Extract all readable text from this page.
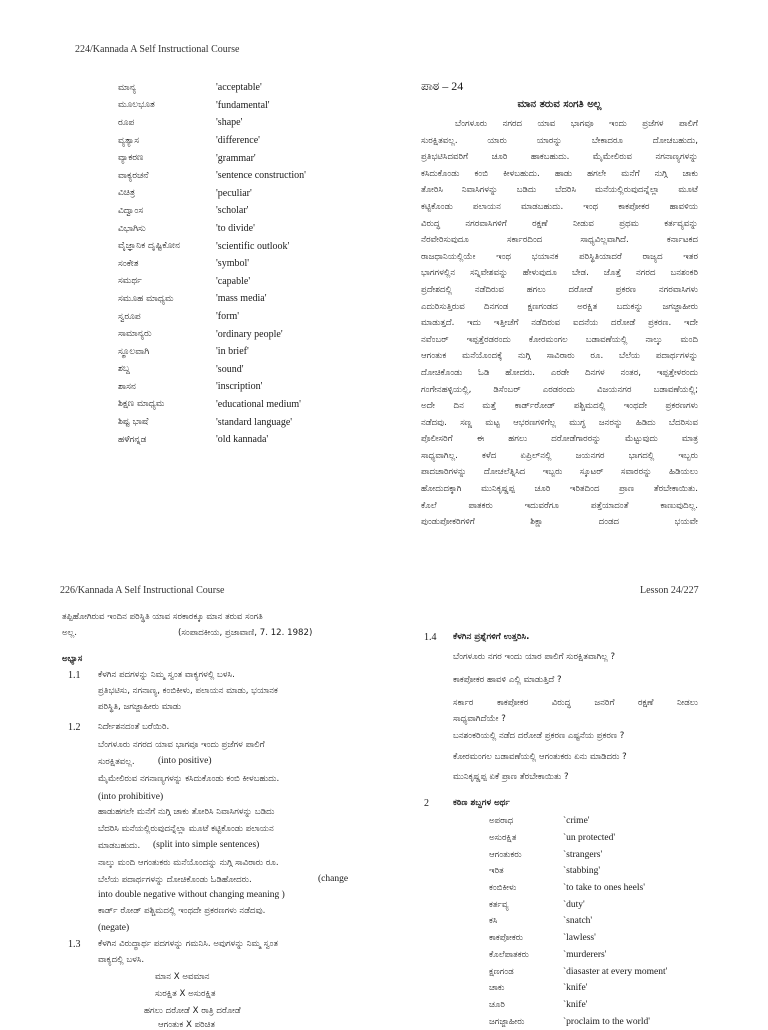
224/Kannada A Self Instructional Course
ಮಾನ್ಯ	'acceptable'
ಮೂಲಭೂತ	'fundamental'
ರೂಪ	'shape'
ವ್ಯತ್ಯಾಸ	'difference'
ವ್ಯಾಕರಣ	'grammar'
ವಾಕ್ಯರಚನೆ	'sentence construction'
ವಿಚಿತ್ರ	'peculiar'
ವಿದ್ವಾಂಸ	'scholar'
ವಿಭಾಗಿಸು	'to divide'
ವೈಜ್ಞಾನಿಕ ದೃಷ್ಟಿಕೋನ	'scientific outlook'
ಸಂಕೇತ	'symbol'
ಸಮರ್ಥ	'capable'
ಸಮೂಹ ಮಾಧ್ಯಮ	'mass media'
ಸ್ವರೂಪ	'form'
ಸಾಮಾನ್ಯರು	'ordinary people'
ಸ್ಥೂಲವಾಗಿ	'in brief'
ಶಬ್ದ	'sound'
ಶಾಸನ	'inscription'
ಶಿಕ್ಷಣ ಮಾಧ್ಯಮ	'educational medium'
ಶಿಷ್ಟ ಭಾಷೆ	'standard language'
ಹಳೆಗನ್ನಡ	'old kannada'
ಪಾಠ – 24
ಮಾನ ತರುವ ಸಂಗತಿ ಅಲ್ಲ
ಬೆಂಗಳೂರು ನಗರದ ಯಾವ ಭಾಗವೂ ಇಂದು ಪ್ರಜೆಗಳ ಪಾಲಿಗೆ
ಸುರಕ್ಷಿತವಲ್ಲ. ಯಾರು ಯಾರನ್ನು ಬೇಕಾದರೂ ದೋಚಬಹುದು,
ಪ್ರತಿಭಟಿಸಿದವರಿಗೆ ಚೂರಿ ಹಾಕಬಹುದು. ಮೈಮೇಲಿರುವ ನಗನಾಣ್ಯಗಳನ್ನು
ಕಸಿದುಕೊಂಡು ಕಂಬಿ ಕೀಳಬಹುದು. ಹಾಡು ಹಗಲೇ ಮನೆಗೆ ನುಗ್ಗಿ ಚಾಕು
ತೋರಿಸಿ ನಿವಾಸಿಗಳನ್ನು ಬಡಿದು ಬೆದರಿಸಿ ಮನೆಯಲ್ಲಿರುವುದನ್ನೆಲ್ಲಾ ಮೂಟೆ
ಕಟ್ಟಿಕೊಂಡು ಪಲಾಯನ ಮಾಡಬಹುದು. ಇಂಥ ಕಾಕಪೋಕರ ಹಾವಳಿಯ
ವಿರುದ್ಧ ನಗರವಾಸಿಗಳಿಗೆ ರಕ್ಷಣೆ ನೀಡುವ ಪ್ರಥಮ ಕರ್ತವ್ಯವನ್ನು
ನೆರವೇರಿಸುವುದೂ ಸರ್ಕಾರದಿಂದ ಸಾಧ್ಯವಿಲ್ಲವಾಗಿದೆ. ಕರ್ನಾಟಕದ
ರಾಜಧಾನಿಯಲ್ಲಿಯೇ ಇಂಥ ಭಯಾನಕ ಪರಿಸ್ಥಿತಿಯಾದರೆ ರಾಜ್ಯದ ಇತರ
ಭಾಗಗಳಲ್ಲಿನ ಸನ್ನಿವೇಶವನ್ನು ಹೇಳುವುದೂ ಬೇಡ. ಜೊತ್ತೆ ನಗರದ ಬನಶಂಕರಿ
ಪ್ರದೇಶದಲ್ಲಿ ನಡೆದಿರುವ ಹಗಲು ದರೋಡೆ ಪ್ರಕರಣ ನಗರವಾಸಿಗಳು
ಎದುರಿಸುತ್ತಿರುವ ದಿನಗಂಡ ಕ್ಷಣಗಂಡದ ಅರಕ್ಷಿತ ಬದುಕನ್ನು ಜಗಜ್ಜಾಹೀರು
ಮಾಡುತ್ತದೆ. ಇದು ಇತ್ತೀಚೆಗೆ ನಡೆದಿರುವ ಐದನೆಯ ದರೋಡೆ ಪ್ರಕರಣ. ಇದೇ
ನವೆಂಬರ್ ಇಪ್ಪತ್ತೆರಡರಂದು ಕೋರಮಂಗಲ ಬಡಾವಣೆಯಲ್ಲಿ ನಾಲ್ಕು ಮಂದಿ
ಆಗಂತುಕ ಮನೆಯೊಂದಕ್ಕೆ ನುಗ್ಗಿ ಸಾವಿರಾರು ರೂ. ಬೆಲೆಯ ಪದಾರ್ಥಗಳನ್ನು
ದೋಚಿಕೊಂಡು ಓಡಿ ಹೋದರು. ಎರಡೇ ದಿನಗಳ ನಂತರ, ಇಪ್ಪತ್ತೇಳರಂದು
ಗಂಗೇನಹಳ್ಳಿಯಲ್ಲಿ, ಡಿಸೆಂಬರ್ ಎರಡರಂದು ವಿಜಯನಗರ ಬಡಾವಣೆಯಲ್ಲಿ;
ಅದೇ ದಿನ ಮತ್ತೆ ಕಾರ್ಡ್‌ರೋಡ್ ಪಶ್ಚಿಮದಲ್ಲಿ ಇಂಥದೇ ಪ್ರಕರಣಗಳು
ನಡೆದವು. ಸಣ್ಣ ಮಟ್ಟ ಆಭರಣಗಳಿಗೆಲ್ಲ ಮುಗ್ಧ ಜನರನ್ನು ಹಿಡಿದು ಬೆದರಿಸುವ
ಪೊಲೀಸರಿಗೆ ಈ ಹಗಲು ದರೋಡೆಗಾರರನ್ನು ಮೆಟ್ಟುವುದು ಮಾತ್ರ
ಸಾಧ್ಯವಾಗಿಲ್ಲ. ಕಳೆದ ಏಪ್ರಿಲ್‌ನಲ್ಲಿ ಜಯನಗರ ಭಾಗದಲ್ಲಿ ಇಬ್ಬರು
ಪಾದಚಾರಿಗಳನ್ನು ದೋಚಲೆತ್ನಿಸಿದ ಇಬ್ಬರು ಸ್ಕೂಟರ್ ಸವಾರರನ್ನು ಹಿಡಿಯಲು
ಹೋದುದಕ್ಕಾಗಿ ಮುನಿಕೃಷ್ಣಪ್ಪ ಚೂರಿ ಇರಿತದಿಂದ ಪ್ರಾಣ ತೆರಬೇಕಾಯಿತು.
ಕೊಲೆ ಪಾತಕರು ಇದುವರೆಗೂ ಪತ್ತೆಯಾದಂತೆ ಕಾಣುವುದಿಲ್ಲ.
ಪುಂಡುಪೋಕರಿಗಳಿಗೆ ಶಿಕ್ಷಾ ದಂಡದ ಭಯವೇ
226/Kannada A Self Instructional Course	Lesson 24/227
ತಪ್ಪಿಹೋಗಿರುವ ಇಂದಿನ ಪರಿಸ್ಥಿತಿ ಯಾವ ಸರಕಾರಕ್ಕೂ ಮಾನ ತರುವ ಸಂಗತಿ
ಅಲ್ಲ.	(ಸಂಪಾದಕೀಯ, ಪ್ರಜಾವಾಣಿ, 7. 12. 1982)
ಅಭ್ಯಾಸ
1.1 ಕೆಳಗಿನ ಪದಗಳನ್ನು ನಿಮ್ಮ ಸ್ವಂತ ವಾಕ್ಯಗಳಲ್ಲಿ ಬಳಸಿ.
ಪ್ರತಿಭಟಿಸು, ನಗನಾಣ್ಯ, ಕಂಬಿಕೀಳು, ಪಲಾಯನ ಮಾಡು, ಭಯಾನಕ
ಪರಿಸ್ಥಿತಿ, ಜಗಜ್ಜಾಹೀರು ಮಾಡು
1.2 ನಿರ್ದೇಶನದಂತೆ ಬರೆಯಿರಿ.
ಬೆಂಗಳೂರು ನಗರದ ಯಾವ ಭಾಗವೂ ಇಂದು ಪ್ರಜೆಗಳ ಪಾಲಿಗೆ
ಸುರಕ್ಷಿತವಲ್ಲ. (into positive)
ಮೈಮೇಲಿರುವ ನಗನಾಣ್ಯಗಳನ್ನು ಕಸಿದುಕೊಂಡು ಕಂಬಿ ಕೀಳಬಹುದು.
(into prohibitive)
ಹಾಡುಹಗಲೇ ಮನೆಗೆ ನುಗ್ಗಿ ಚಾಕು ತೋರಿಸಿ ನಿವಾಸಿಗಳನ್ನು ಬಡಿದು
ಬೆದರಿಸಿ ಮನೆಯಲ್ಲಿರುವುದನ್ನೆಲ್ಲಾ ಮೂಟೆ ಕಟ್ಟಿಕೊಂಡು ಪಲಾಯನ
ಮಾಡಬಹುದು. (split into simple sentences)
ನಾಲ್ಕು ಮಂದಿ ಆಗಂತುಕರು ಮನೆಯೊಂದನ್ನು ನುಗ್ಗಿ ಸಾವಿರಾರು ರೂ.
ಬೆಲೆಯ ಪದಾರ್ಥಗಳನ್ನು ದೋಚಿಕೊಂಡು ಓಡಿಹೋದರು.	(change
into double negative without changing meaning )
ಕಾರ್ಡ್ ರೋಡ್ ಪಶ್ಚಿಮದಲ್ಲಿ ಇಂಥದೇ ಪ್ರಕರಣಗಳು ನಡೆದವು.
(negate)
1.3 ಕೆಳಗಿನ ವಿರುದ್ಧಾರ್ಥ ಪದಗಳನ್ನು ಗಮನಿಸಿ. ಅವುಗಳನ್ನು ನಿಮ್ಮ ಸ್ವಂತ
ವಾಕ್ಯದಲ್ಲಿ ಬಳಸಿ.
ಮಾನ X ಅವಮಾನ
ಸುರಕ್ಷಿತ X ಅಸುರಕ್ಷಿತ
ಹಗಲು ದರೋಡೆ X ರಾತ್ರಿ ದರೋಡೆ
ಆಗಂತುಕ X ಪರಿಚಿತ
1.4 ಕೆಳಗಿನ ಪ್ರಶ್ನೆಗಳಿಗೆ ಉತ್ತರಿಸಿ.
ಬೆಂಗಳೂರು ನಗರ ಇಂದು ಯಾರ ಪಾಲಿಗೆ ಸುರಕ್ಷಿತವಾಗಿಲ್ಲ ?
ಕಾಕಪೋಕರ ಹಾವಳಿ ಎಲ್ಲಿ ಮಾಡುತ್ತಿದೆ ?
ಸರ್ಕಾರ ಕಾಕಪೋಕರ ವಿರುದ್ಧ ಜನರಿಗೆ ರಕ್ಷಣೆ ನೀಡಲು
ಸಾಧ್ಯವಾಗಿದೆಯೇ ?
ಬನಶಂಕರಿಯಲ್ಲಿ ನಡೆದ ದರೋಡೆ ಪ್ರಕರಣ ಎಷ್ಟನೆಯ ಪ್ರಕರಣ ?
ಕೋರಮಂಗಲ ಬಡಾವಣೆಯಲ್ಲಿ ಆಗಂತುಕರು ಏನು ಮಾಡಿದರು ?
ಮುನಿಕೃಷ್ಣಪ್ಪ ಏಕೆ ಪ್ರಾಣ ತೆರಬೇಕಾಯಿತು ?
2	ಕಠಿಣ ಶಬ್ದಗಳ ಅರ್ಥ
ಅಪರಾಧ	`crime'
ಅಸುರಕ್ಷಿತ	`un protected'
ಆಗಂತುಕರು	`strangers'
ಇರಿತ	`stabbing'
ಕಂಬಿಕೀಳು	`to take to ones heels'
ಕರ್ತವ್ಯ	`duty'
ಕಸಿ	`snatch'
ಕಾಕಪೋಕರು	`lawless'
ಕೊಲೆಪಾತಕರು	`murderers'
ಕ್ಷಣಗಂಡ	`diasaster at every moment'
ಚಾಕು	`knife'
ಚೂರಿ	`knife'
ಜಗಜ್ಜಾಹೀರು	`proclaim to the world'
